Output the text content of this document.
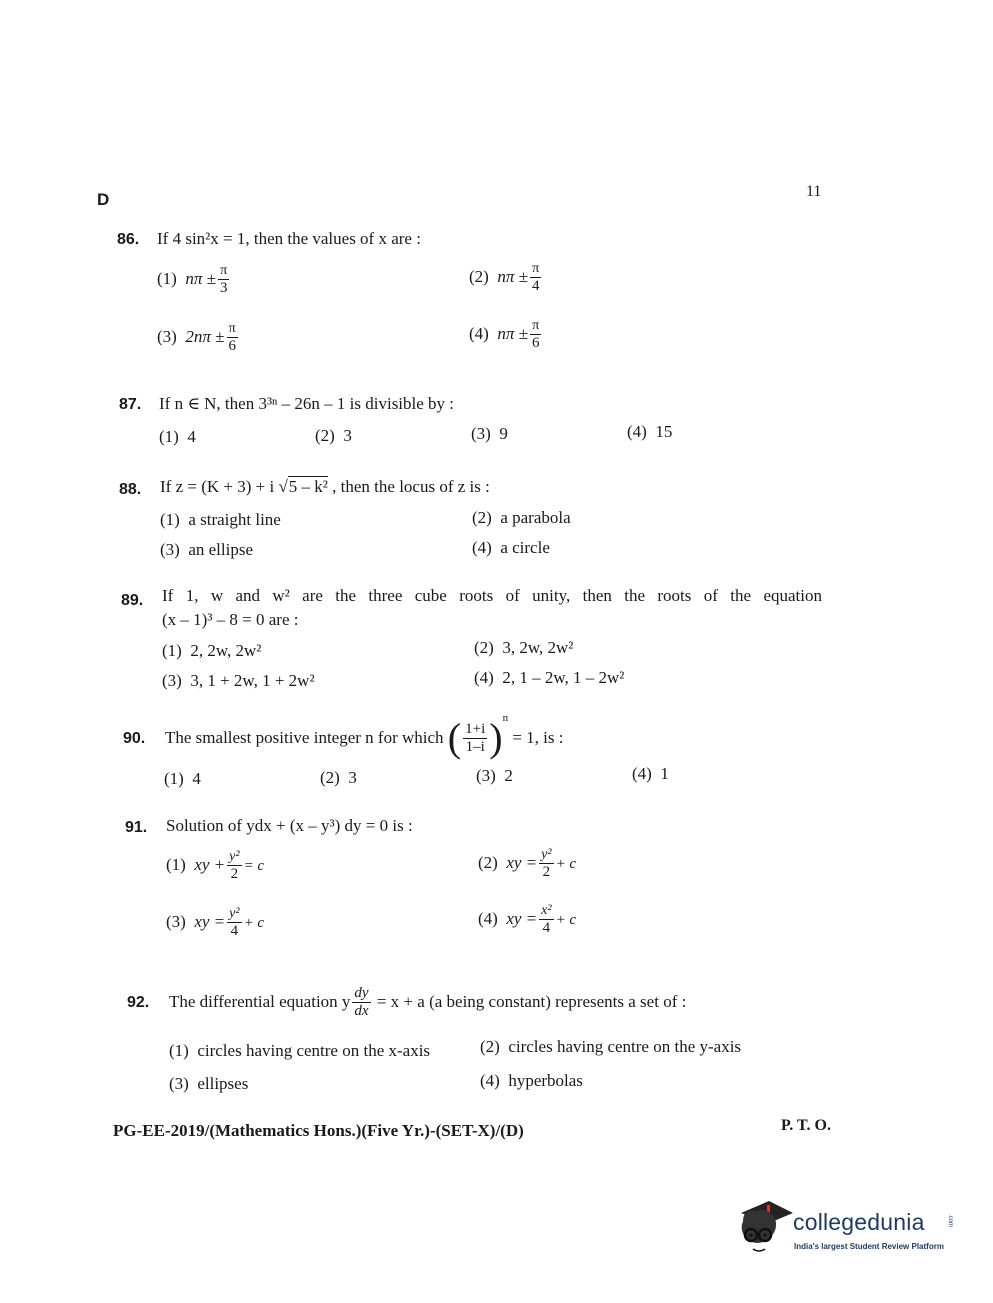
D	11
86. If 4 sin²x = 1, then the values of x are :
(1) $n\pi \pm \frac{\pi}{3}$	(2) $n\pi \pm \frac{\pi}{4}$
(3) $2n\pi \pm \frac{\pi}{6}$	(4) $n\pi \pm \frac{\pi}{6}$
87. If n ∈ N, then 3³ⁿ – 26n – 1 is divisible by :
(1) 4	(2) 3	(3) 9	(4) 15
88. If z = (K + 3) + i √5 – k² , then the locus of z is :
(1) a straight line	(2) a parabola
(3) an ellipse	(4) a circle
89. If 1, w and w² are the three cube roots of unity, then the roots of the equation
(x – 1)³ – 8 = 0 are :
(1) 2, 2w, 2w²	(2) 3, 2w, 2w²
(3) 3, 1 + 2w, 1 + 2w²	(4) 2, 1 – 2w, 1 – 2w²
90. The smallest positive integer n for which
( $\frac{1+i}{1-i} )^n$

= 1, is :
(1) 4	(2) 3	(3) 2	(4) 1
91. Solution of ydx + (x – y³) dy = 0 is :
(1) xy + $\frac{\text{y²}}{2} = c$	(2) xy = $\frac{\text{y²}}{2} + c$
(3) xy = $\frac{\text{y²}}{4} + c$	(4) xy = $\frac{\text{x²}}{4} + c$
92. The differential equation y $\frac{dy}{dx}$
= x + a (a being constant) represents a set of :
(1) circles having centre on the x-axis	(2) circles having centre on the y-axis
(3) ellipses	(4) hyperbolas
PG-EE-2019/(Mathematics Hons.)(Five Yr.)-(SET-X)/(D)	P. T. O.
collegedunia	.com
India's largest Student Review Platform
